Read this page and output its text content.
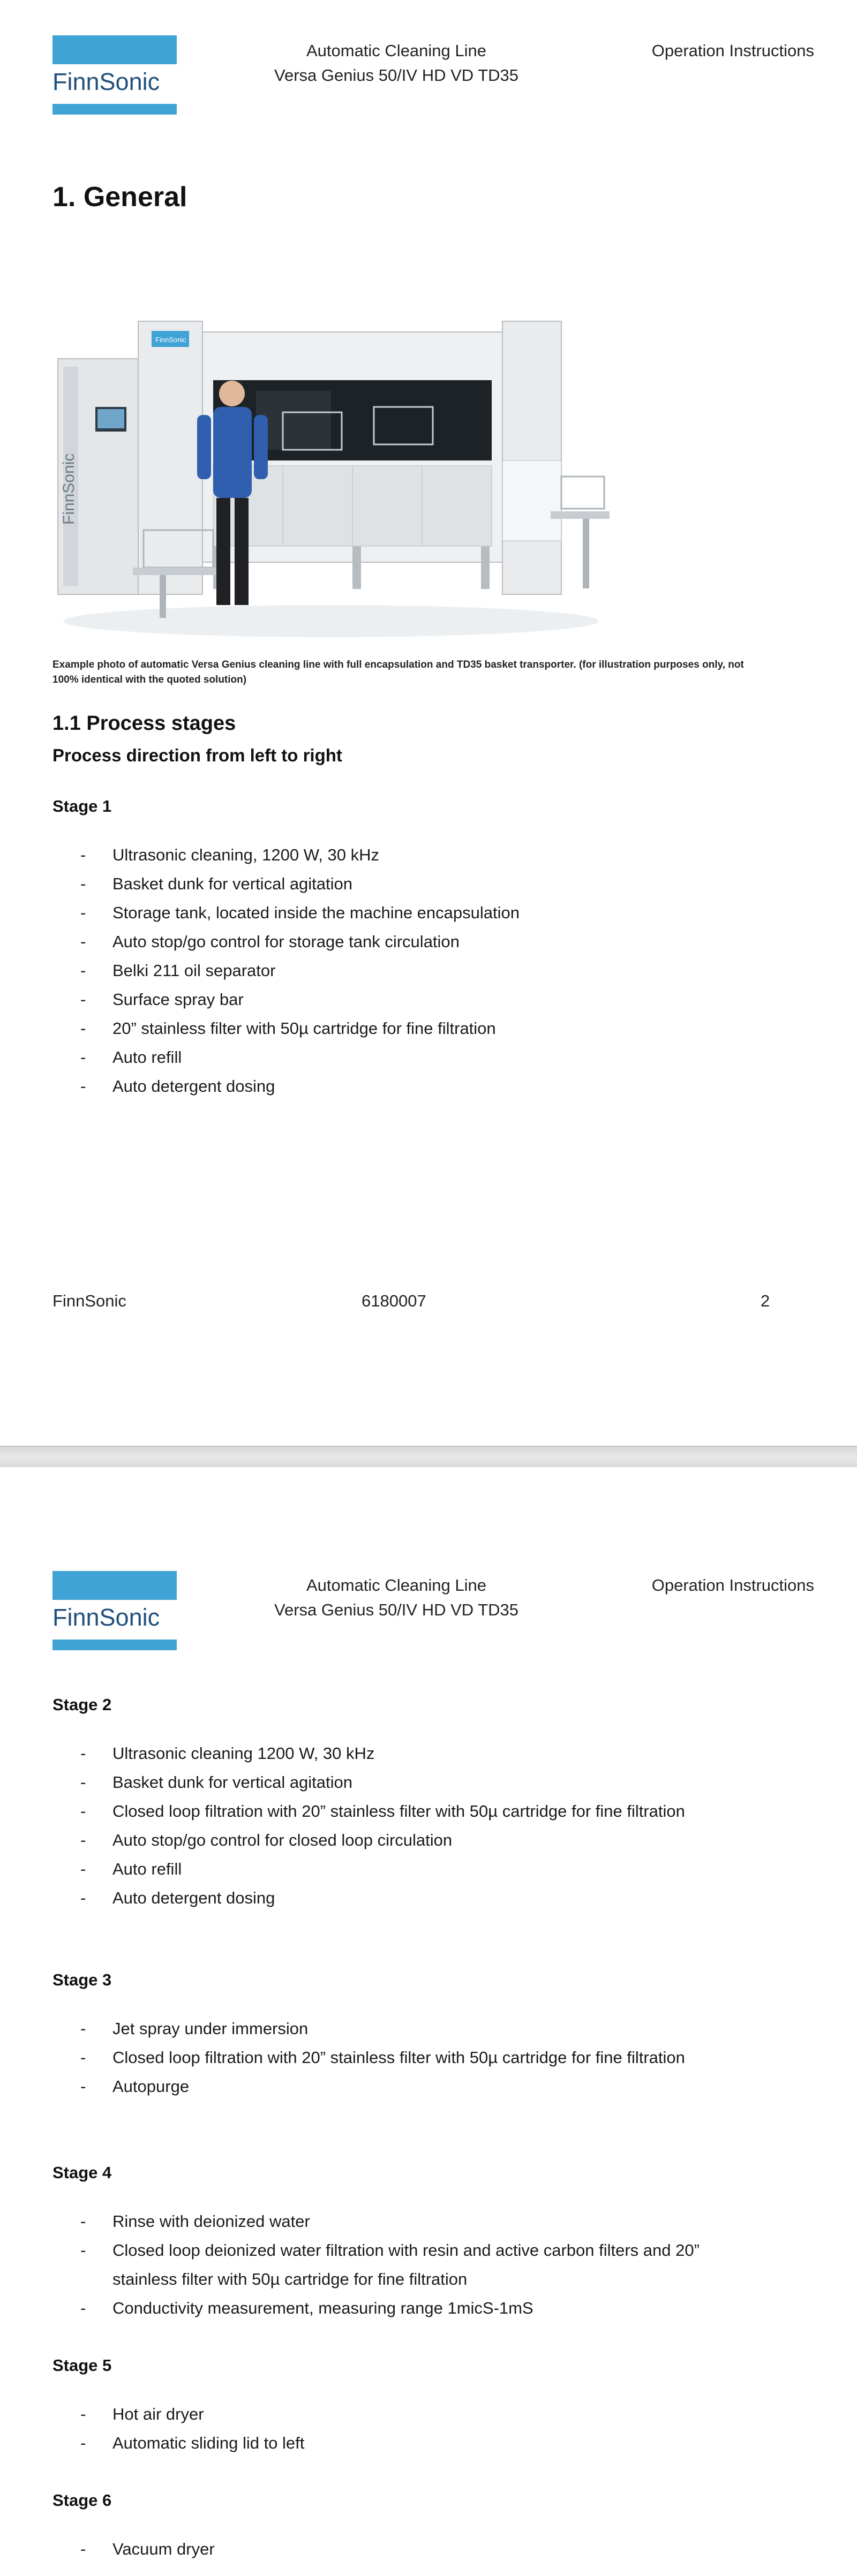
FinnSonic
Automatic Cleaning Line
Versa Genius 50/IV HD VD TD35
Operation Instructions
1. General
FinnSonic
FinnSonic
Example photo of automatic Versa Genius cleaning line with full encapsulation and TD35 basket transporter. (for illustration purposes only, not 100% identical with the quoted solution)
1.1 Process stages
Process direction from left to right
Stage 1
- Ultrasonic cleaning, 1200 W, 30 kHz
- Basket dunk for vertical agitation
- Storage tank, located inside the machine encapsulation
- Auto stop/go control for storage tank circulation
- Belki 211 oil separator
- Surface spray bar
- 20” stainless filter with 50µ cartridge for fine filtration
- Auto refill
- Auto detergent dosing
FinnSonic	6180007	2
FinnSonic
Automatic Cleaning Line
Versa Genius 50/IV HD VD TD35
Operation Instructions
Stage 2
- Ultrasonic cleaning 1200 W, 30 kHz
- Basket dunk for vertical agitation
- Closed loop filtration with 20” stainless filter with 50µ cartridge for fine filtration
- Auto stop/go control for closed loop circulation
- Auto refill
- Auto detergent dosing
Stage 3
- Jet spray under immersion
- Closed loop filtration with 20” stainless filter with 50µ cartridge for fine filtration
- Autopurge
Stage 4
- Rinse with deionized water
- Closed loop deionized water filtration with resin and active carbon filters and 20” stainless filter with 50µ cartridge for fine filtration
- Conductivity measurement, measuring range 1micS-1mS
Stage 5
- Hot air dryer
- Automatic sliding lid to left
Stage 6
- Vacuum dryer
